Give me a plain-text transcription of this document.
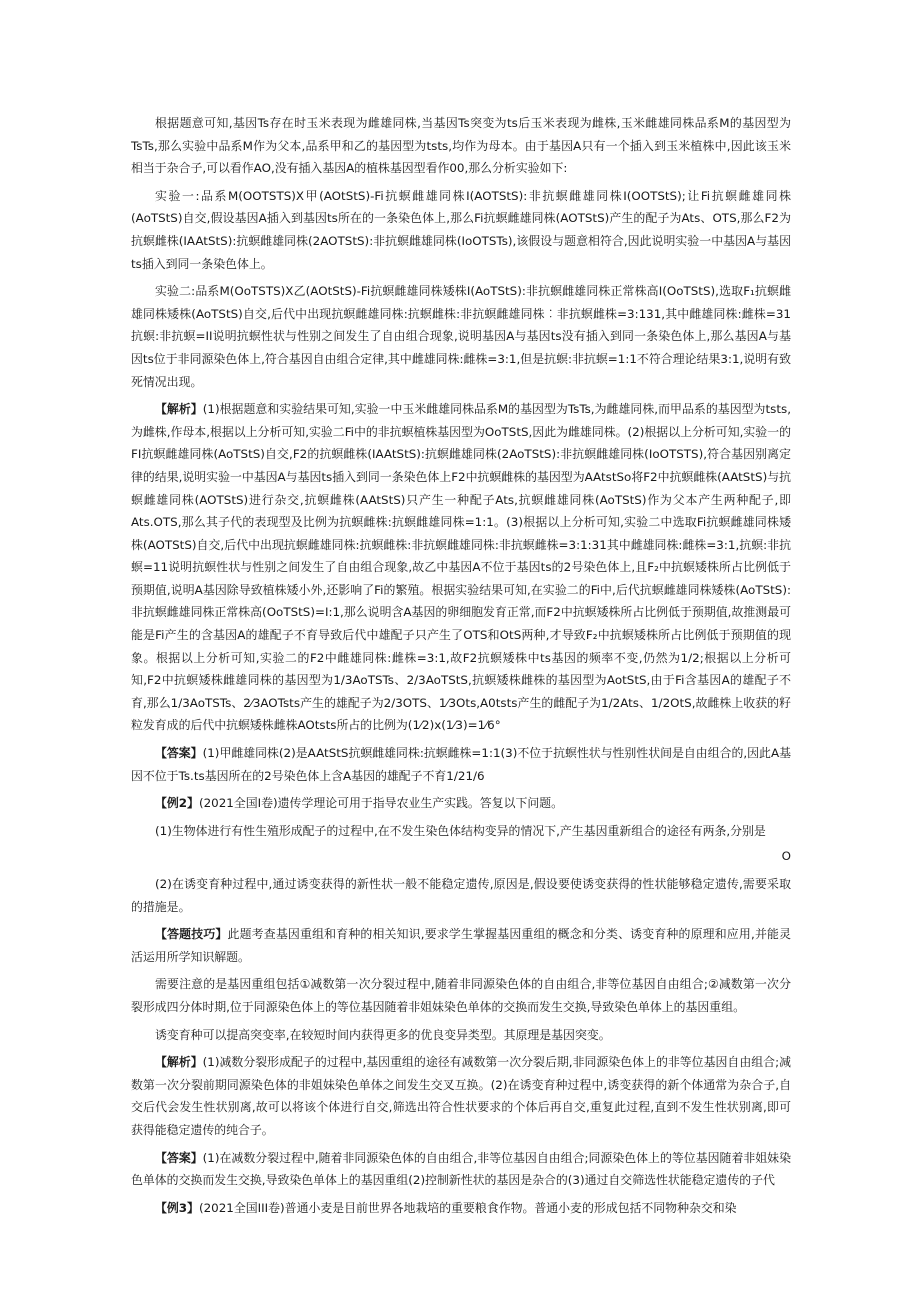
根据题意可知,基因Ts存在时玉米表现为雌雄同株,当基因Ts突变为ts后玉米表现为雌株,玉米雌雄同株品系M的基因型为TsTs,那么实验中品系M作为父本,品系甲和乙的基因型为tsts,均作为母本。由于基因A只有一个插入到玉米植株中,因此该玉米相当于杂合子,可以看作AO,没有插入基因A的植株基因型看作00,那么分析实验如下:

实验一:品系M(OOTSTS)X甲(AOtStS)-Fi抗螟雌雄同株I(AOTStS):非抗螟雌雄同株I(OOTStS);让Fi抗螟雌雄同株(AoTStS)自交,假设基因A插入到基因ts所在的一条染色体上,那么Fi抗螟雌雄同株(AOTStS)产生的配子为Ats、OTS,那么F2为抗螟雌株(IAAtStS):抗螟雌雄同株(2AOTStS):非抗螟雌雄同株(IoOTSTs),该假设与题意相符合,因此说明实验一中基因A与基因ts插入到同一条染色体上。

实验二:品系M(OoTSTS)X乙(AOtStS)-Fi抗螟雌雄同株矮株I(AoTStS):非抗螟雌雄同株正常株高I(OoTStS),选取F₁抗螟雌雄同株矮株(AoTStS)自交,后代中出现抗螟雌雄同株:抗螟雌株:非抗螟雌雄同株︰非抗螟雌株=3:131,其中雌雄同株:雌株=31抗螟:非抗螟=II说明抗螟性状与性别之间发生了自由组合现象,说明基因A与基因ts没有插入到同一条染色体上,那么基因A与基因ts位于非同源染色体上,符合基因自由组合定律,其中雌雄同株:雌株=3:1,但是抗螟:非抗螟=1:1不符合理论结果3:1,说明有致死情况出现。

【解析】(1)根据题意和实验结果可知,实验一中玉米雌雄同株品系M的基因型为TsTs,为雌雄同株,而甲品系的基因型为tsts,为雌株,作母本,根据以上分析可知,实验二Fi中的非抗螟植株基因型为OoTStS,因此为雌雄同株。(2)根据以上分析可知,实验一的FI抗螟雌雄同株(AoTStS)自交,F2的抗螟雌株(IAAtStS):抗螟雌雄同株(2AoTStS):非抗螟雌雄同株(IoOTSTS),符合基因别离定律的结果,说明实验一中基因A与基因ts插入到同一条染色体上F2中抗螟雌株的基因型为AAtstSo将F2中抗螟雌株(AAtStS)与抗螟雌雄同株(AOTStS)进行杂交,抗螟雌株(AAtStS)只产生一种配子Ats,抗螟雌雄同株(AoTStS)作为父本产生两种配子,即Ats.OTS,那么其子代的表现型及比例为抗螟雌株:抗螟雌雄同株=1:1。(3)根据以上分析可知,实验二中选取Fi抗螟雌雄同株矮株(AOTStS)自交,后代中出现抗螟雌雄同株:抗螟雌株:非抗螟雌雄同株:非抗螟雌株=3:1:31其中雌雄同株:雌株=3:1,抗螟:非抗螟=11说明抗螟性状与性别之间发生了自由组合现象,故乙中基因A不位于基因ts的2号染色体上,且F₂中抗螟矮株所占比例低于预期值,说明A基因除导致植株矮小外,还影响了Fi的繁殖。根据实验结果可知,在实验二的Fi中,后代抗螟雌雄同株矮株(AoTStS):非抗螟雌雄同株正常株高(OoTStS)=I:1,那么说明含A基因的卵细胞发育正常,而F2中抗螟矮株所占比例低于预期值,故推测最可能是Fi产生的含基因A的雄配子不育导致后代中雄配子只产生了OTS和OtS两种,才导致F₂中抗螟矮株所占比例低于预期值的现象。根据以上分析可知,实验二的F2中雌雄同株:雌株=3:1,故F2抗螟矮株中ts基因的频率不变,仍然为1/2;根据以上分析可知,F2中抗螟矮株雌雄同株的基因型为1/3AoTSTs、2/3AoTStS,抗螟矮株雌株的基因型为AotStS,由于Fi含基因A的雄配子不育,那么1/3AoTSTs、2⁄3AOTsts产生的雄配子为2/3OTS、1⁄3Ots,A0tsts产生的雌配子为1/2Ats、1/2OtS,故雌株上收获的籽粒发育成的后代中抗螟矮株雌株AOtsts所占的比例为(1⁄2)x(1⁄3)=1⁄6°

【答案】(1)甲雌雄同株(2)是AAtStS抗螟雌雄同株:抗螟雌株=1:1(3)不位于抗螟性状与性别性状间是自由组合的,因此A基因不位于Ts.ts基因所在的2号染色体上含A基因的雄配子不育1/21/6

【例2】(2021全国I卷)遗传学理论可用于指导农业生产实践。答复以下问题。

(1)生物体进行有性生殖形成配子的过程中,在不发生染色体结构变异的情况下,产生基因重新组合的途径有两条,分别是

O

(2)在诱变育种过程中,通过诱变获得的新性状一般不能稳定遗传,原因是,假设要使诱变获得的性状能够稳定遗传,需要采取的措施是。

【答题技巧】此题考查基因重组和育种的相关知识,要求学生掌握基因重组的概念和分类、诱变育种的原理和应用,并能灵活运用所学知识解题。

需要注意的是基因重组包括①减数第一次分裂过程中,随着非同源染色体的自由组合,非等位基因自由组合;②减数第一次分裂形成四分体时期,位于同源染色体上的等位基因随着非姐妹染色单体的交换而发生交换,导致染色单体上的基因重组。

诱变育种可以提高突变率,在较短时间内获得更多的优良变异类型。其原理是基因突变。

【解析】(1)减数分裂形成配子的过程中,基因重组的途径有减数第一次分裂后期,非同源染色体上的非等位基因自由组合;减数第一次分裂前期同源染色体的非姐妹染色单体之间发生交叉互换。(2)在诱变育种过程中,诱变获得的新个体通常为杂合子,自交后代会发生性状别离,故可以将该个体进行自交,筛选出符合性状要求的个体后再自交,重复此过程,直到不发生性状别离,即可获得能稳定遗传的纯合子。

【答案】(1)在减数分裂过程中,随着非同源染色体的自由组合,非等位基因自由组合;同源染色体上的等位基因随着非姐妹染色单体的交换而发生交换,导致染色单体上的基因重组(2)控制新性状的基因是杂合的(3)通过自交筛选性状能稳定遗传的子代

【例3】(2021全国III卷)普通小麦是目前世界各地栽培的重要粮食作物。普通小麦的形成包括不同物种杂交和染
